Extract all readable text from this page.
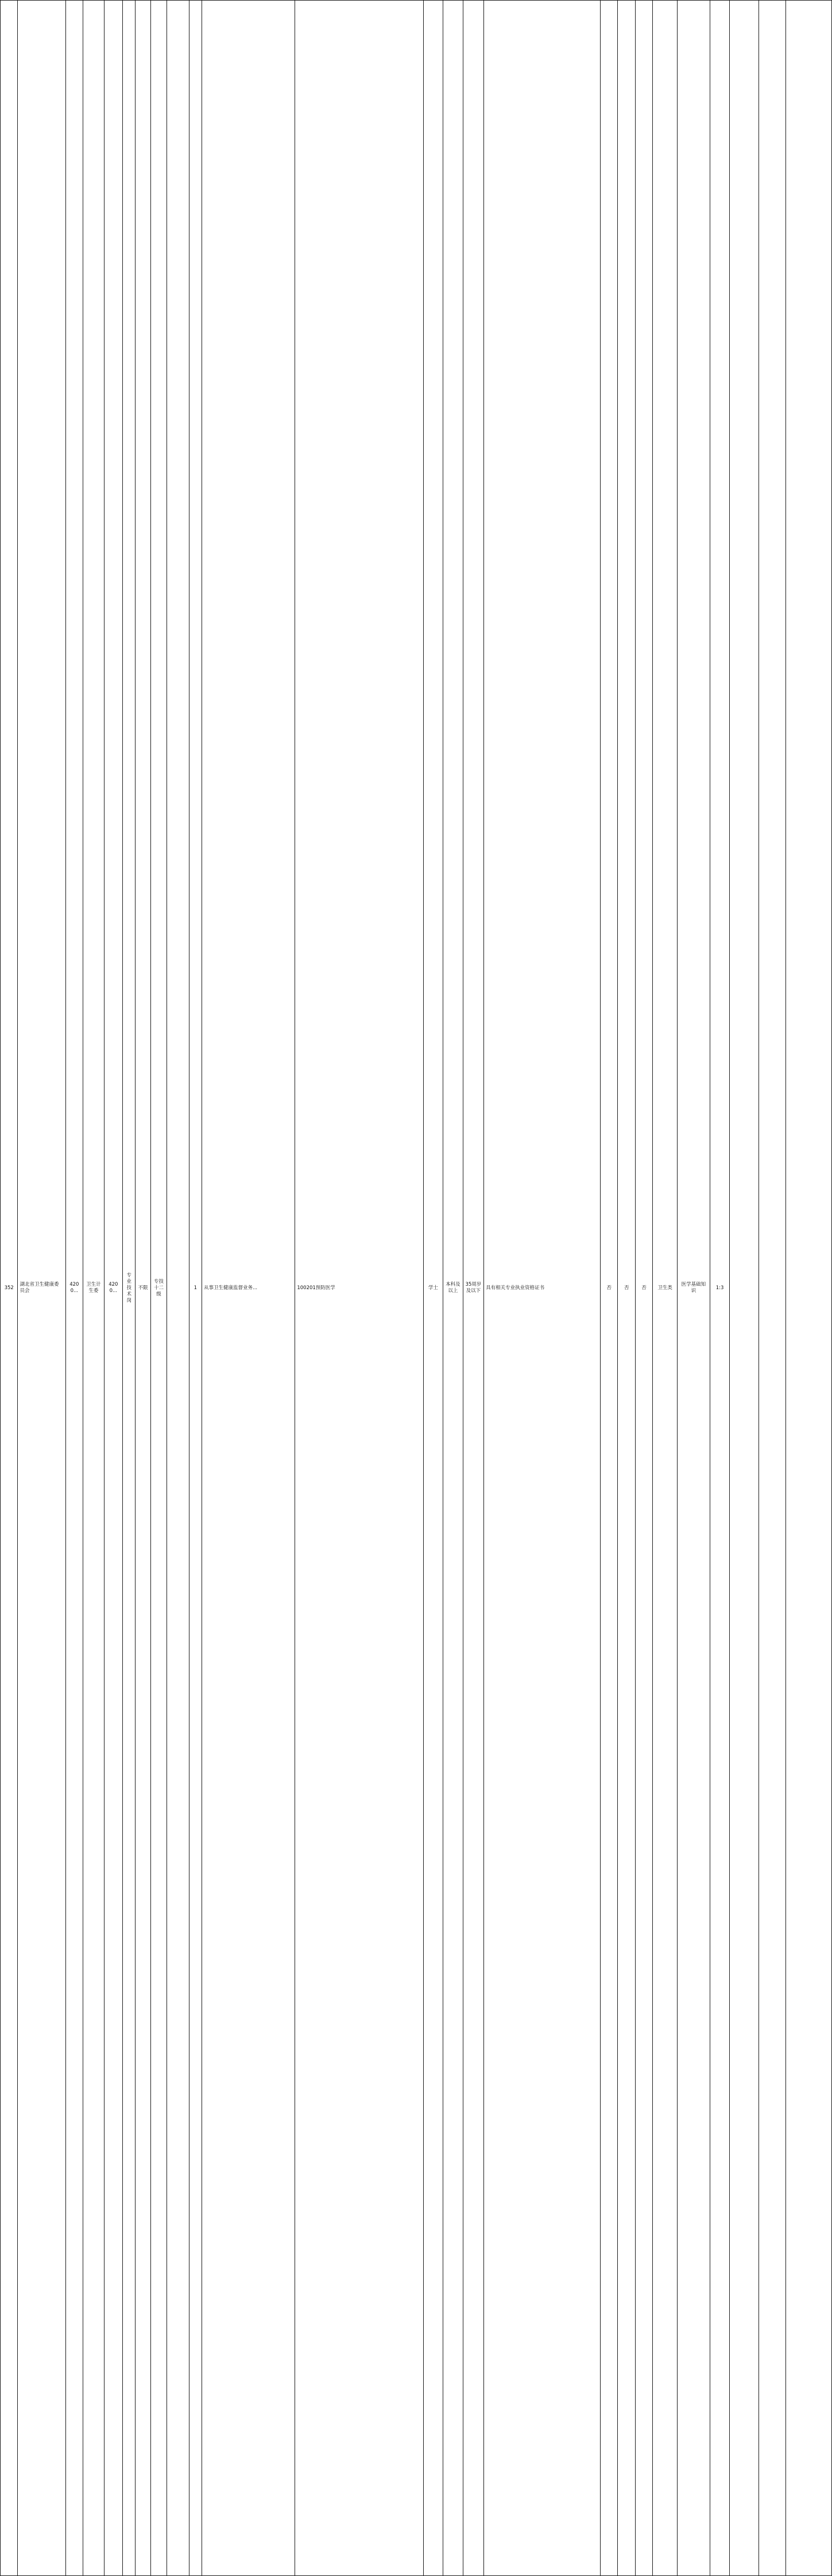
352	湖北省卫生健康委员会	4200...	卫生计生委	4200...	专业技术岗	不限	专技十二级		1	从事卫生健康监督业务...	100201预防医学	学士	本科及以上	35周岁及以下	具有相关专业执业资格证书	否	否	否	卫生类	医学基础知识	1:3			
